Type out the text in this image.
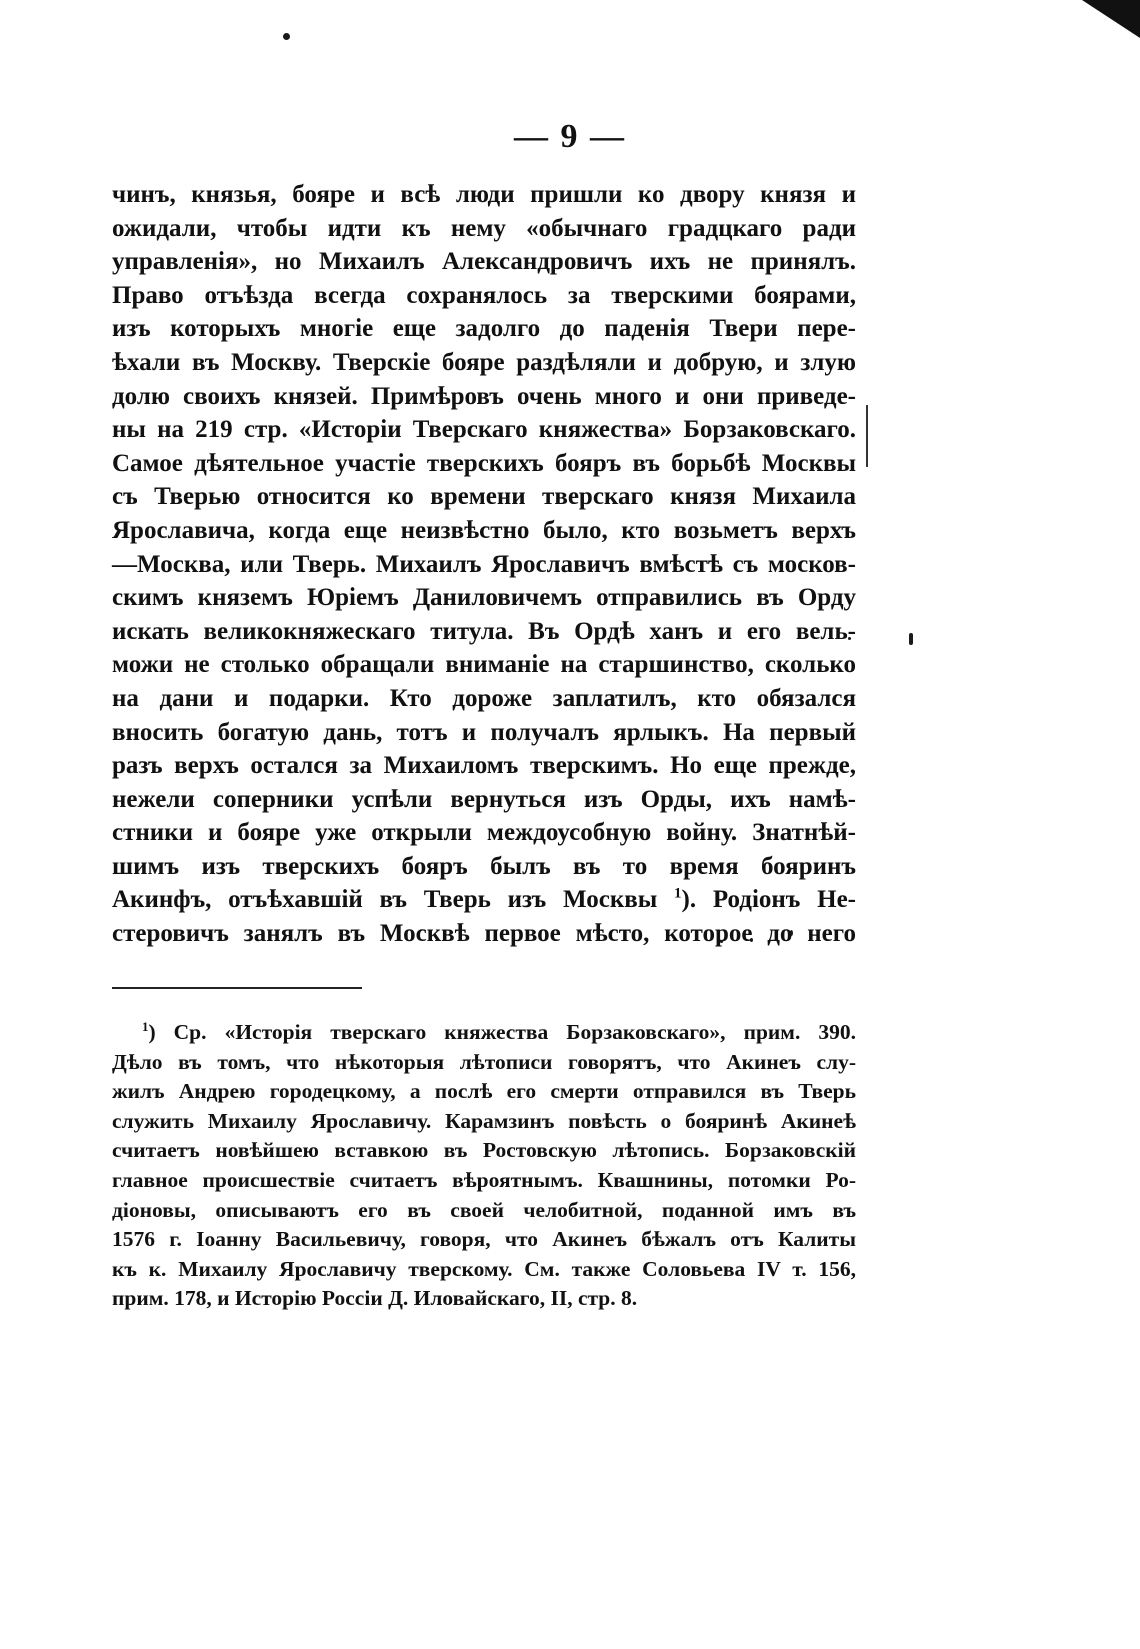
— 9 —
чинъ, князья, бояре и всѣ люди пришли ко двору князя и
ожидали, чтобы идти къ нему «обычнаго градцкаго ради
управленія», но Михаилъ Александровичъ ихъ не принялъ.
Право отъѣзда всегда сохранялось за тверскими боярами,
изъ которыхъ многіе еще задолго до паденія Твери пере-
ѣхали въ Москву. Тверскіе бояре раздѣляли и добрую, и злую
долю своихъ князей. Примѣровъ очень много и они приведе-
ны на 219 стр. «Исторіи Тверскаго княжества» Борзаковскаго.
Самое дѣятельное участіе тверскихъ бояръ въ борьбѣ Москвы
съ Тверью относится ко времени тверскаго князя Михаила
Ярославича, когда еще неизвѣстно было, кто возьметъ верхъ
—Москва, или Тверь. Михаилъ Ярославичъ вмѣстѣ съ москов-
скимъ княземъ Юріемъ Даниловичемъ отправились въ Орду
искать великокняжескаго титула. Въ Ордѣ ханъ и его вель-
можи не столько обращали вниманіе на старшинство, сколько
на дани и подарки. Кто дороже заплатилъ, кто обязался
вносить богатую дань, тотъ и получалъ ярлыкъ. На первый
разъ верхъ остался за Михаиломъ тверскимъ. Но еще прежде,
нежели соперники успѣли вернуться изъ Орды, ихъ намѣ-
стники и бояре уже открыли междоусобную войну. Знатнѣй-
шимъ изъ тверскихъ бояръ былъ въ то время бояринъ
Акинфъ, отъѣхавшій въ Тверь изъ Москвы $^1$). Родіонъ Не-
стеровичъ занялъ въ Москвѣ первое мѣсто, которое до него
$^1$) Ср. «Исторія тверскаго княжества Борзаковскаго», прим. 390.
Дѣло въ томъ, что нѣкоторыя лѣтописи говорятъ, что Акинеъ слу-
жилъ Андрею городецкому, а послѣ его смерти отправился въ Тверь
служить Михаилу Ярославичу. Карамзинъ повѣсть о бояринѣ Акинеѣ
считаетъ новѣйшею вставкою въ Ростовскую лѣтопись. Борзаковскій
главное происшествіе считаетъ вѣроятнымъ. Квашнины, потомки Ро-
діоновы, описываютъ его въ своей челобитной, поданной имъ въ
1576 г. Іоанну Васильевичу, говоря, что Акинеъ бѣжалъ отъ Калиты
къ к. Михаилу Ярославичу тверскому. См. также Соловьева IV т. 156,
прим. 178, и Исторію Россіи Д. Иловайскаго, II, стр. 8.
